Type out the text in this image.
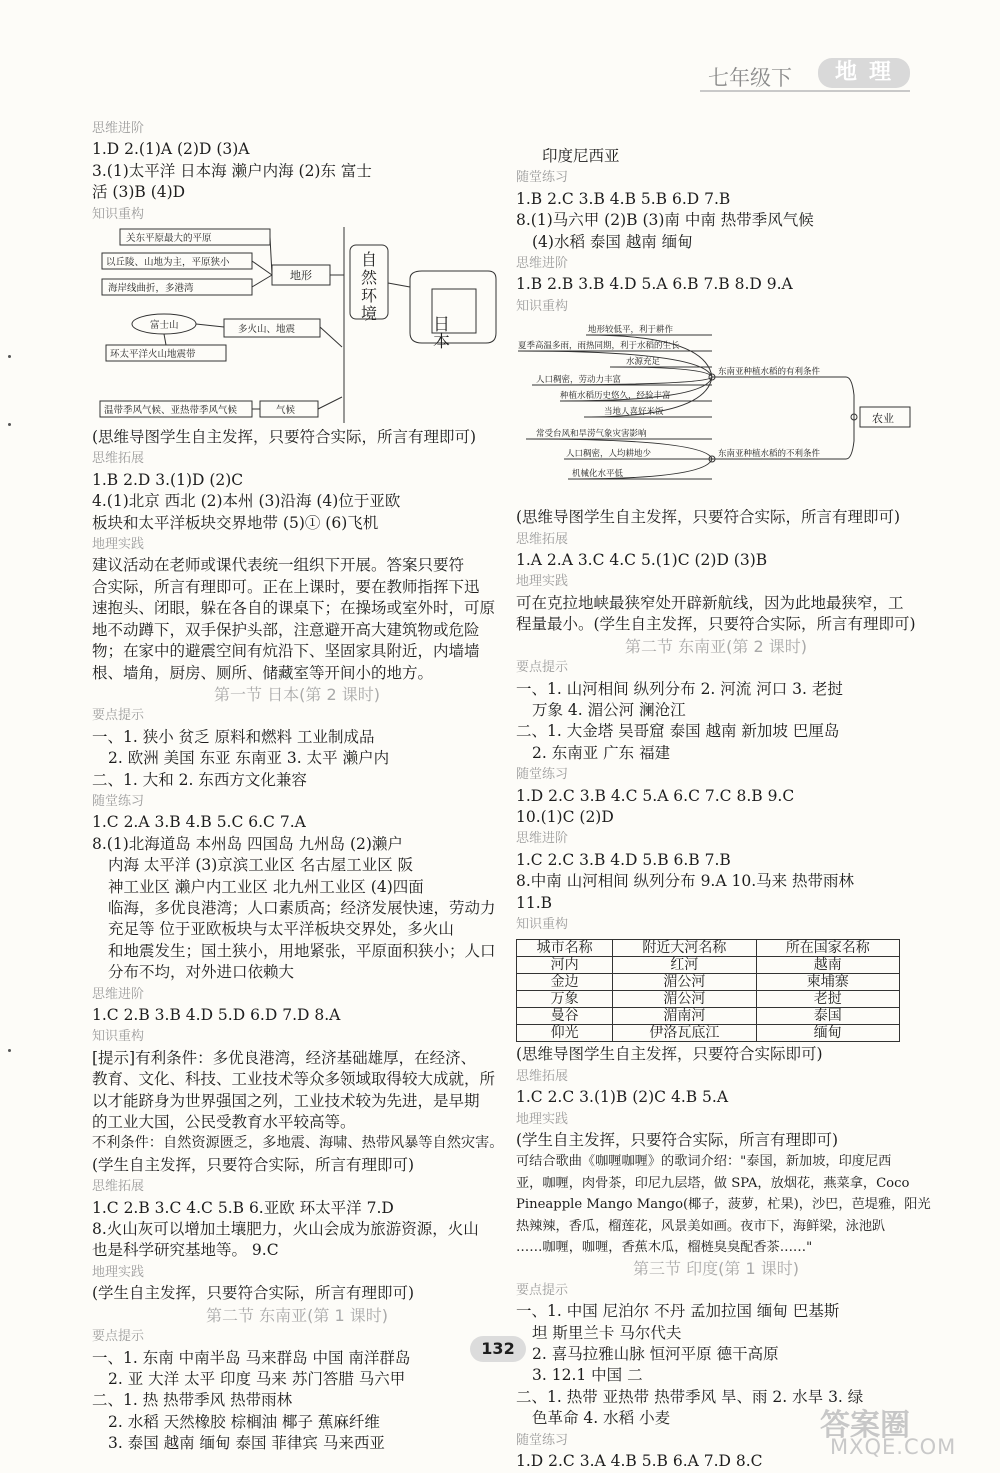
七年级下	地理
思维进阶
1.D 2.(1)A (2)D (3)A
3.(1)太平洋 日本海 濑户内海 (2)东 富士
活 (3)B (4)D
知识重构
关东平原最大的平原
以丘陵、山地为主，平原狭小
海岸线曲折，多港湾
地形
富士山	多火山、地震
环太平洋火山地震带
温带季风气候、亚热带季风气候	气候
自
然
环
境
日本
(思维导图学生自主发挥，只要符合实际，所言有理即可)
思维拓展
1.B 2.D 3.(1)D (2)C
4.(1)北京 西北 (2)本州 (3)沿海 (4)位于亚欧
板块和太平洋板块交界地带 (5)① (6)飞机
地理实践
建议活动在老师或课代表统一组织下开展。答案只要符
合实际，所言有理即可。正在上课时，要在教师指挥下迅
速抱头、闭眼，躲在各自的课桌下；在操场或室外时，可原
地不动蹲下，双手保护头部，注意避开高大建筑物或危险
物；在家中的避震空间有炕沿下、坚固家具附近，内墙墙
根、墙角，厨房、厕所、储藏室等开间小的地方。
第一节 日本(第 2 课时)
要点提示
一、1. 狭小 贫乏 原料和燃料 工业制成品
2. 欧洲 美国 东亚 东南亚 3. 太平 濑户内
二、1. 大和 2. 东西方文化兼容
随堂练习
1.C 2.A 3.B 4.B 5.C 6.C 7.A
8.(1)北海道岛 本州岛 四国岛 九州岛 (2)濑户
内海 太平洋 (3)京滨工业区 名古屋工业区 阪
神工业区 濑户内工业区 北九州工业区 (4)四面
临海，多优良港湾；人口素质高；经济发展快速，劳动力
充足等 位于亚欧板块与太平洋板块交界处，多火山
和地震发生；国土狭小，用地紧张，平原面积狭小；人口
分布不均，对外进口依赖大
思维进阶
1.C 2.B 3.B 4.D 5.D 6.D 7.D 8.A
知识重构
[提示]有利条件：多优良港湾，经济基础雄厚，在经济、
教育、文化、科技、工业技术等众多领域取得较大成就，所
以才能跻身为世界强国之列，工业技术较为先进，是早期
的工业大国，公民受教育水平较高等。
不利条件：自然资源匮乏，多地震、海啸、热带风暴等自然灾害。
(学生自主发挥，只要符合实际，所言有理即可)
思维拓展
1.C 2.B 3.C 4.C 5.B 6.亚欧 环太平洋 7.D
8.火山灰可以增加土壤肥力，火山会成为旅游资源，火山
也是科学研究基地等。 9.C
地理实践
(学生自主发挥，只要符合实际，所言有理即可)
第二节 东南亚(第 1 课时)
要点提示
一、1. 东南 中南半岛 马来群岛 中国 南洋群岛
2. 亚 大洋 太平 印度 马来 苏门答腊 马六甲
二、1. 热 热带季风 热带雨林
2. 水稻 天然橡胶 棕榈油 椰子 蕉麻纤维
3. 泰国 越南 缅甸 泰国 菲律宾 马来西亚
印度尼西亚
随堂练习
1.B 2.C 3.B 4.B 5.B 6.D 7.B
8.(1)马六甲 (2)B (3)南 中南 热带季风气候
(4)水稻 泰国 越南 缅甸
思维进阶
1.B 2.B 3.B 4.D 5.A 6.B 7.B 8.D 9.A
知识重构
地形较低平，利于耕作
夏季高温多雨，雨热同期，利于水稻的生长
水源充足
人口稠密，劳动力丰富
种植水稻历史悠久，经验丰富
当地人喜好米饭
常受台风和旱涝气象灾害影响
人口稠密，人均耕地少
机械化水平低
东南亚种植水稻的有利条件
东南亚种植水稻的不利条件
农业
(思维导图学生自主发挥，只要符合实际，所言有理即可)
思维拓展
1.A 2.A 3.C 4.C 5.(1)C (2)D (3)B
地理实践
可在克拉地峡最狭窄处开辟新航线，因为此地最狭窄，工
程量最小。(学生自主发挥，只要符合实际，所言有理即可)
第二节 东南亚(第 2 课时)
要点提示
一、1. 山河相间 纵列分布 2. 河流 河口 3. 老挝
万象 4. 湄公河 澜沧江
二、1. 大金塔 吴哥窟 泰国 越南 新加坡 巴厘岛
2. 东南亚 广东 福建
随堂练习
1.D 2.C 3.B 4.C 5.A 6.C 7.C 8.B 9.C
10.(1)C (2)D
思维进阶
1.C 2.C 3.B 4.D 5.B 6.B 7.B
8.中南 山河相间 纵列分布 9.A 10.马来 热带雨林
11.B
知识重构
城市名称	附近大河名称	所在国家名称
河内	红河	越南
金边	湄公河	柬埔寨
万象	湄公河	老挝
曼谷	湄南河	泰国
仰光	伊洛瓦底江	缅甸
(思维导图学生自主发挥，只要符合实际即可)
思维拓展
1.C 2.C 3.(1)B (2)C 4.B 5.A
地理实践
(学生自主发挥，只要符合实际，所言有理即可)
可结合歌曲《咖喱咖喱》的歌词介绍："泰国，新加坡，印度尼西
亚，咖喱，肉骨茶，印尼九层塔，做 SPA，放烟花，燕菜拿，Coco
Pineapple Mango Mango(椰子，菠萝，杧果)，沙巴，芭堤雅，阳光
热辣辣，香瓜，榴莲花，风景美如画。夜市下，海鲜梁，泳池趴
……咖喱，咖喱，香蕉木瓜，榴梿臭臭配香茶……"
第三节 印度(第 1 课时)
要点提示
一、1. 中国 尼泊尔 不丹 孟加拉国 缅甸 巴基斯
坦 斯里兰卡 马尔代夫
2. 喜马拉雅山脉 恒河平原 德干高原
3. 12.1 中国 二
二、1. 热带 亚热带 热带季风 旱、雨 2. 水旱 3. 绿
色革命 4. 水稻 小麦
随堂练习
1.D 2.C 3.A 4.B 5.B 6.A 7.D 8.C
132
答案圈
MXQE.COM
